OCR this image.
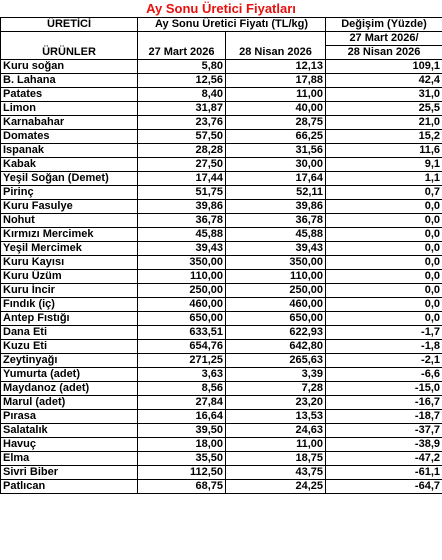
Ay Sonu Üretici Fiyatları
ÜRETİCİ	Ay Sonu Üretici Fiyatı (TL/kg)		Değişim (Yüzde)
ÜRÜNLER	27 Mart 2026	28 Nisan 2026	27 Mart 2026/
			28 Nisan 2026
Kuru soğan	5,80	12,13	109,1
B. Lahana	12,56	17,88	42,4
Patates	8,40	11,00	31,0
Limon	31,87	40,00	25,5
Karnabahar	23,76	28,75	21,0
Domates	57,50	66,25	15,2
Ispanak	28,28	31,56	11,6
Kabak	27,50	30,00	9,1
Yeşil Soğan (Demet)	17,44	17,64	1,1
Pirinç	51,75	52,11	0,7
Kuru Fasulye	39,86	39,86	0,0
Nohut	36,78	36,78	0,0
Kırmızı Mercimek	45,88	45,88	0,0
Yeşil Mercimek	39,43	39,43	0,0
Kuru Kayısı	350,00	350,00	0,0
Kuru Üzüm	110,00	110,00	0,0
Kuru İncir	250,00	250,00	0,0
Fındık (iç)	460,00	460,00	0,0
Antep Fıstığı	650,00	650,00	0,0
Dana Eti	633,51	622,93	-1,7
Kuzu Eti	654,76	642,80	-1,8
Zeytinyağı	271,25	265,63	-2,1
Yumurta (adet)	3,63	3,39	-6,6
Maydanoz (adet)	8,56	7,28	-15,0
Marul (adet)	27,84	23,20	-16,7
Pırasa	16,64	13,53	-18,7
Salatalık	39,50	24,63	-37,7
Havuç	18,00	11,00	-38,9
Elma	35,50	18,75	-47,2
Sivri Biber	112,50	43,75	-61,1
Patlıcan	68,75	24,25	-64,7
